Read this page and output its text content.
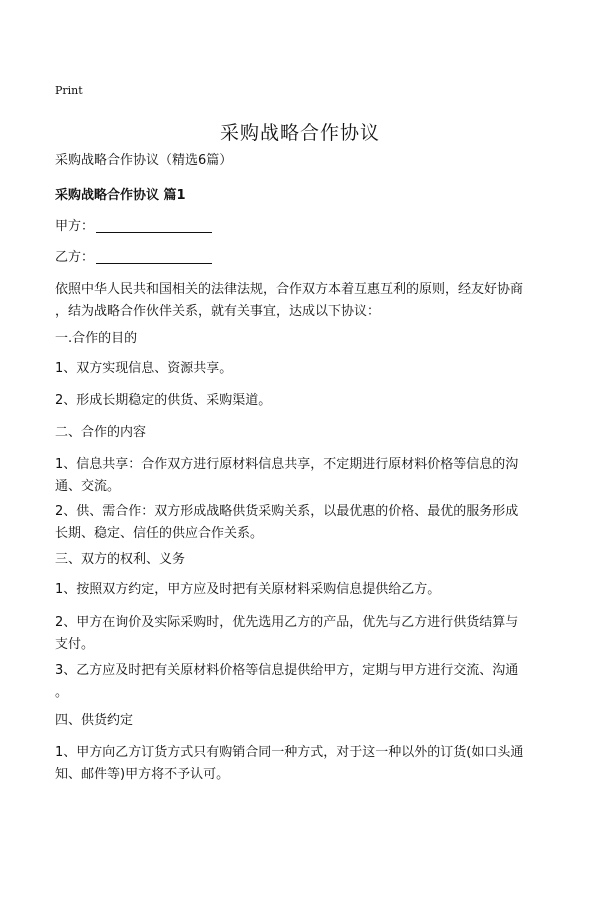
Print
采购战略合作协议
采购战略合作协议（精选6篇）
采购战略合作协议 篇1
甲方：
乙方：
依照中华人民共和国相关的法律法规，合作双方本着互惠互利的原则，经友好协商
，结为战略合作伙伴关系，就有关事宜，达成以下协议：
一.合作的目的
1、双方实现信息、资源共享。
2、形成长期稳定的供货、采购渠道。
二、合作的内容
1、信息共享：合作双方进行原材料信息共享，不定期进行原材料价格等信息的沟
通、交流。
2、供、需合作：双方形成战略供货采购关系，以最优惠的价格、最优的服务形成
长期、稳定、信任的供应合作关系。
三、双方的权利、义务
1、按照双方约定，甲方应及时把有关原材料采购信息提供给乙方。
2、甲方在询价及实际采购时，优先选用乙方的产品，优先与乙方进行供货结算与
支付。
3、乙方应及时把有关原材料价格等信息提供给甲方，定期与甲方进行交流、沟通
。
四、供货约定
1、甲方向乙方订货方式只有购销合同一种方式，对于这一种以外的订货(如口头通
知、邮件等)甲方将不予认可。
